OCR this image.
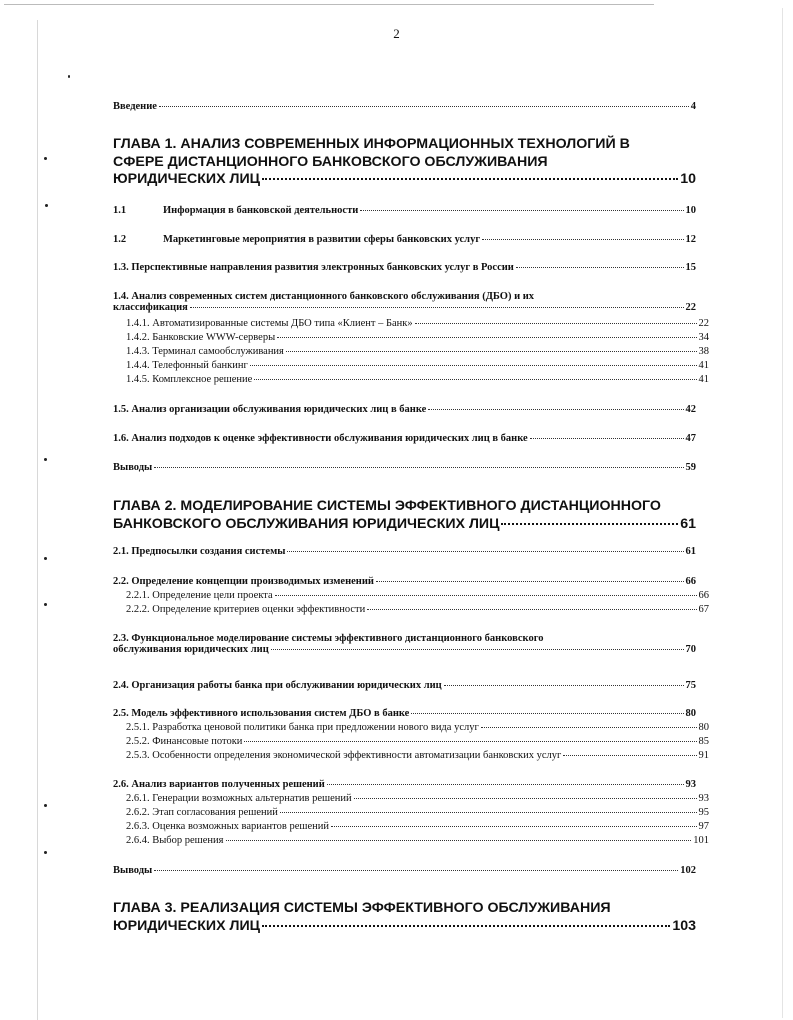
2
Введение	4
ГЛАВА 1. АНАЛИЗ СОВРЕМЕННЫХ ИНФОРМАЦИОННЫХ ТЕХНОЛОГИЙ В
СФЕРЕ ДИСТАНЦИОННОГО БАНКОВСКОГО ОБСЛУЖИВАНИЯ
ЮРИДИЧЕСКИХ ЛИЦ	10
1.1	Информация в банковской деятельности	10
1.2	Маркетинговые мероприятия в развитии сферы банковских услуг	12
1.3. Перспективные направления развития электронных банковских услуг в России	15
1.4. Анализ современных систем дистанционного банковского обслуживания (ДБО) и их
классификация	22
1.4.1. Автоматизированные системы ДБО типа «Клиент – Банк»	22
1.4.2. Банковские WWW-серверы	34
1.4.3. Терминал самообслуживания	38
1.4.4. Телефонный банкинг	41
1.4.5. Комплексное решение	41
1.5. Анализ организации обслуживания юридических лиц в банке	42
1.6. Анализ подходов к оценке эффективности обслуживания юридических лиц в банке	47
Выводы	59
ГЛАВА 2. МОДЕЛИРОВАНИЕ СИСТЕМЫ ЭФФЕКТИВНОГО ДИСТАНЦИОННОГО
БАНКОВСКОГО ОБСЛУЖИВАНИЯ ЮРИДИЧЕСКИХ ЛИЦ	61
2.1. Предпосылки создания системы	61
2.2. Определение концепции производимых изменений	66
2.2.1. Определение цели проекта	66
2.2.2. Определение критериев оценки эффективности	67
2.3. Функциональное моделирование системы эффективного дистанционного банковского
обслуживания юридических лиц	70
2.4. Организация работы банка при обслуживании юридических лиц	75
2.5. Модель эффективного использования систем ДБО в банке	80
2.5.1. Разработка ценовой политики банка при предложении нового вида услуг	80
2.5.2. Финансовые потоки	85
2.5.3. Особенности определения экономической эффективности автоматизации банковских услуг	91
2.6. Анализ вариантов полученных решений	93
2.6.1. Генерации возможных альтернатив решений	93
2.6.2. Этап согласования решений	95
2.6.3. Оценка возможных вариантов решений	97
2.6.4. Выбор решения	101
Выводы	102
ГЛАВА 3. РЕАЛИЗАЦИЯ СИСТЕМЫ ЭФФЕКТИВНОГО ОБСЛУЖИВАНИЯ
ЮРИДИЧЕСКИХ ЛИЦ	103
